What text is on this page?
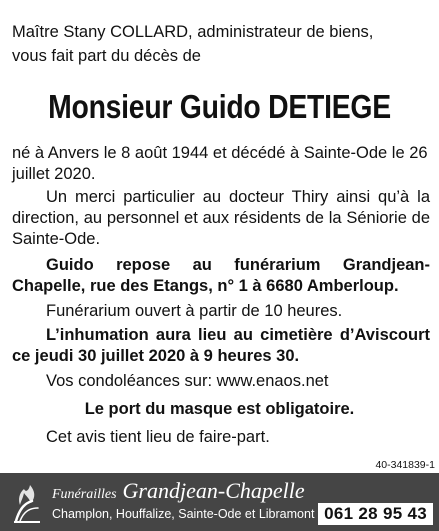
Maître Stany COLLARD, administrateur de biens,
vous fait part du décès de
Monsieur Guido DETIEGE
né à Anvers le 8 août 1944 et décédé à Sainte-Ode le 26 juillet 2020.
Un merci particulier au docteur Thiry ainsi qu’à la direction, au personnel et aux résidents de la Séniorie de Sainte-Ode.
Guido repose au funérarium Grandjean-Chapelle, rue des Etangs, n° 1 à 6680 Amberloup.
Funérarium ouvert à partir de 10 heures.
L’inhumation aura lieu au cimetière d’Aviscourt ce jeudi 30 juillet 2020 à 9 heures 30.
Vos condoléances sur: www.enaos.net
Le port du masque est obligatoire.
Cet avis tient lieu de faire-part.
40-341839-1
Funérailles Grandjean-Chapelle
Champlon, Houffalize, Sainte-Ode et Libramont 061 28 95 43
